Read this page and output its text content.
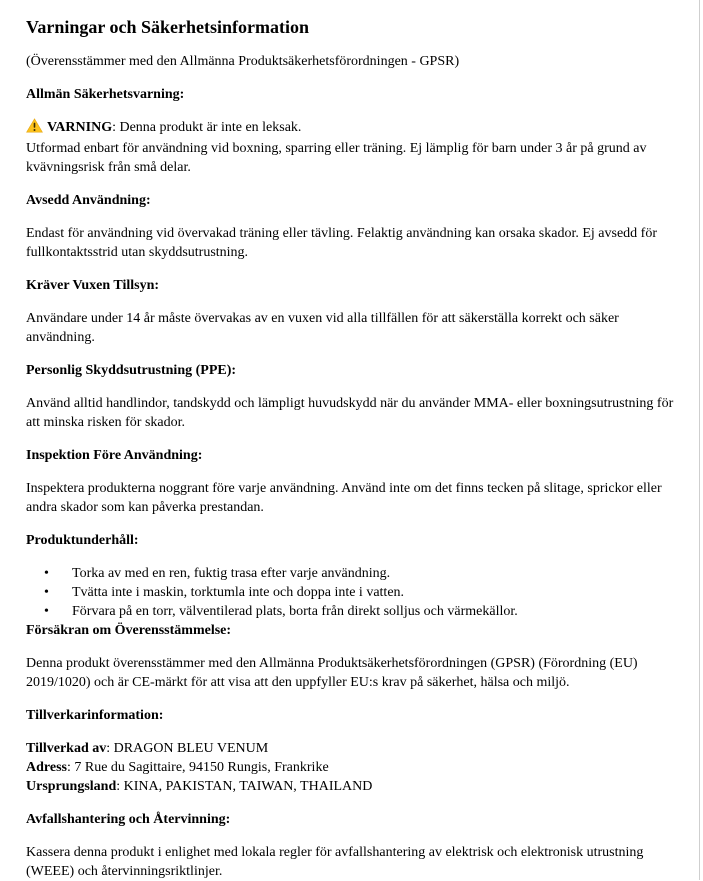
Varningar och Säkerhetsinformation

(Överensstämmer med den Allmänna Produktsäkerhetsförordningen - GPSR)

Allmän Säkerhetsvarning:

VARNING: Denna produkt är inte en leksak.
Utformad enbart för användning vid boxning, sparring eller träning. Ej lämplig för barn under 3 år på grund av kvävningsrisk från små delar.

Avsedd Användning:

Endast för användning vid övervakad träning eller tävling. Felaktig användning kan orsaka skador. Ej avsedd för fullkontaktsstrid utan skyddsutrustning.

Kräver Vuxen Tillsyn:

Användare under 14 år måste övervakas av en vuxen vid alla tillfällen för att säkerställa korrekt och säker användning.

Personlig Skyddsutrustning (PPE):

Använd alltid handlindor, tandskydd och lämpligt huvudskydd när du använder MMA- eller boxningsutrustning för att minska risken för skador.

Inspektion Före Användning:

Inspektera produkterna noggrant före varje användning. Använd inte om det finns tecken på slitage, sprickor eller andra skador som kan påverka prestandan.

Produktunderhåll:

• Torka av med en ren, fuktig trasa efter varje användning.
• Tvätta inte i maskin, torktumla inte och doppa inte i vatten.
• Förvara på en torr, välventilerad plats, borta från direkt solljus och värmekällor.

Försäkran om Överensstämmelse:

Denna produkt överensstämmer med den Allmänna Produktsäkerhetsförordningen (GPSR) (Förordning (EU) 2019/1020) och är CE-märkt för att visa att den uppfyller EU:s krav på säkerhet, hälsa och miljö.

Tillverkarinformation:

Tillverkad av: DRAGON BLEU VENUM
Adress: 7 Rue du Sagittaire, 94150 Rungis, Frankrike
Ursprungsland: KINA, PAKISTAN, TAIWAN, THAILAND

Avfallshantering och Återvinning:

Kassera denna produkt i enlighet med lokala regler för avfallshantering av elektrisk och elektronisk utrustning (WEEE) och återvinningsriktlinjer.
